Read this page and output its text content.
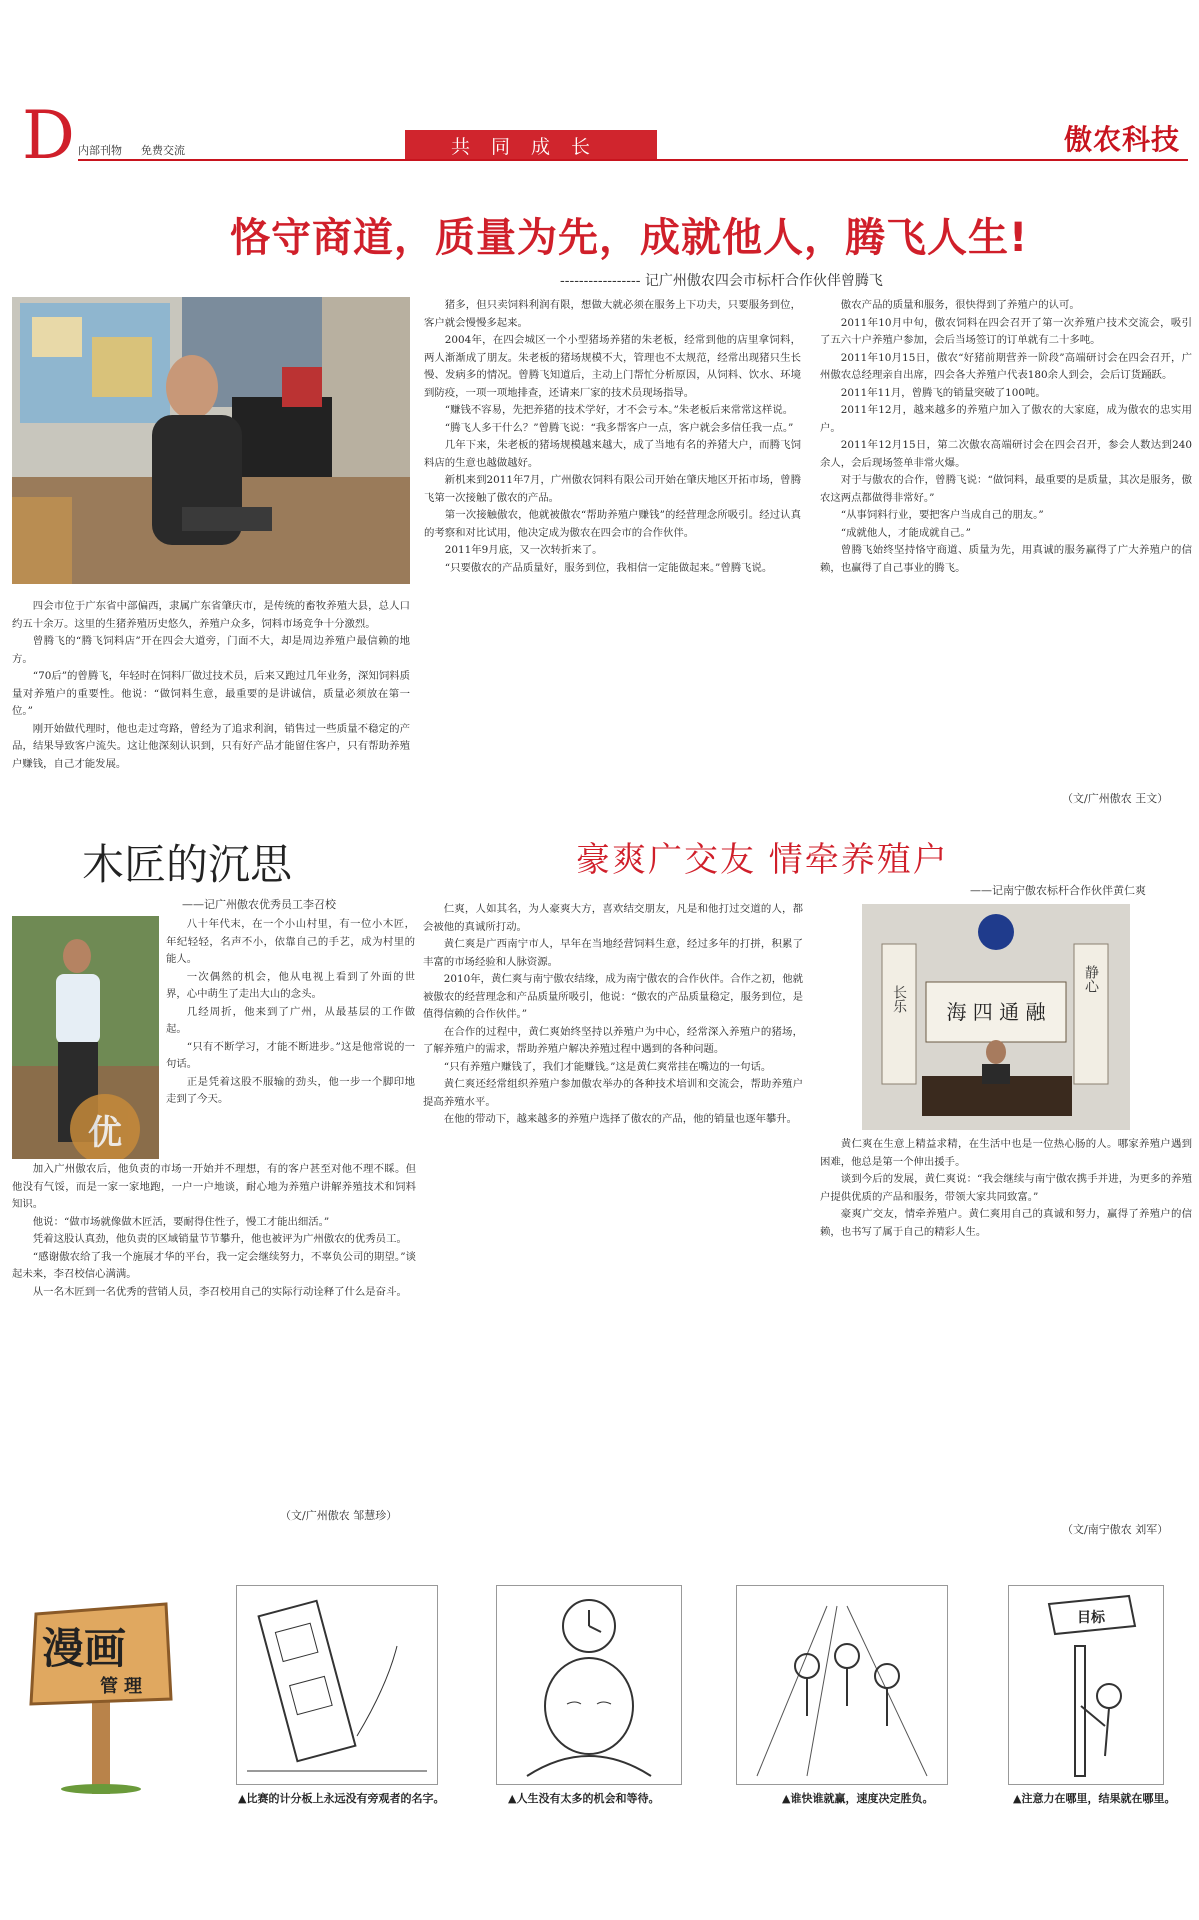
D 内部刊物 免费交流	共同成长	傲农科技
恪守商道，质量为先，成就他人，腾飞人生!
----------------- 记广州傲农四会市标杆合作伙伴曾腾飞

四会市位于广东省中部偏西，隶属广东省肇庆市，是传统的畜牧养殖大县，总人口约五十余万。这里的生猪养殖历史悠久，养殖户众多，饲料市场竞争十分激烈。

曾腾飞的“腾飞饲料店”开在四会大道旁，门面不大，却是周边养殖户最信赖的地方。

“70后”的曾腾飞，年轻时在饲料厂做过技术员，后来又跑过几年业务，深知饲料质量对养殖户的重要性。他说：“做饲料生意，最重要的是讲诚信，质量必须放在第一位。”

刚开始做代理时，他也走过弯路，曾经为了追求利润，销售过一些质量不稳定的产品，结果导致客户流失。这让他深刻认识到，只有好产品才能留住客户，只有帮助养殖户赚钱，自己才能发展。

猪多，但只卖饲料利润有限，想做大就必须在服务上下功夫，只要服务到位，客户就会慢慢多起来。

2004年，在四会城区一个小型猪场养猪的朱老板，经常到他的店里拿饲料，两人渐渐成了朋友。朱老板的猪场规模不大，管理也不太规范，经常出现猪只生长慢、发病多的情况。曾腾飞知道后，主动上门帮忙分析原因，从饲料、饮水、环境到防疫，一项一项地排查，还请来厂家的技术员现场指导。

“赚钱不容易，先把养猪的技术学好，才不会亏本。”朱老板后来常常这样说。

“腾飞人多干什么？”曾腾飞说：“我多帮客户一点，客户就会多信任我一点。”

几年下来，朱老板的猪场规模越来越大，成了当地有名的养猪大户，而腾飞饲料店的生意也越做越好。

新机来到2011年7月，广州傲农饲料有限公司开始在肇庆地区开拓市场，曾腾飞第一次接触了傲农的产品。

第一次接触傲农，他就被傲农“帮助养殖户赚钱”的经营理念所吸引。经过认真的考察和对比试用，他决定成为傲农在四会市的合作伙伴。

2011年9月底，又一次转折来了。

“只要傲农的产品质量好，服务到位，我相信一定能做起来。”曾腾飞说。

傲农产品的质量和服务，很快得到了养殖户的认可。

2011年10月中旬，傲农饲料在四会召开了第一次养殖户技术交流会，吸引了五六十户养殖户参加，会后当场签订的订单就有二十多吨。

2011年10月15日，傲农“好猪前期营养一阶段”高端研讨会在四会召开，广州傲农总经理亲自出席，四会各大养殖户代表180余人到会，会后订货踊跃。

2011年11月，曾腾飞的销量突破了100吨。

2011年12月，越来越多的养殖户加入了傲农的大家庭，成为傲农的忠实用户。

2011年12月15日，第二次傲农高端研讨会在四会召开，参会人数达到240余人，会后现场签单非常火爆。

对于与傲农的合作，曾腾飞说：“做饲料，最重要的是质量，其次是服务，傲农这两点都做得非常好。”

“从事饲料行业，要把客户当成自己的朋友。”

“成就他人，才能成就自己。”

曾腾飞始终坚持恪守商道、质量为先，用真诚的服务赢得了广大养殖户的信赖，也赢得了自己事业的腾飞。

（文/广州傲农 王文）
木匠的沉思
——记广州傲农优秀员工李召校
优

八十年代末，在一个小山村里，有一位小木匠，年纪轻轻，名声不小，依靠自己的手艺，成为村里的能人。

一次偶然的机会，他从电视上看到了外面的世界，心中萌生了走出大山的念头。

几经周折，他来到了广州，从最基层的工作做起。

“只有不断学习，才能不断进步。”这是他常说的一句话。

正是凭着这股不服输的劲头，他一步一个脚印地走到了今天。

加入广州傲农后，他负责的市场一开始并不理想，有的客户甚至对他不理不睬。但他没有气馁，而是一家一家地跑，一户一户地谈，耐心地为养殖户讲解养殖技术和饲料知识。

他说：“做市场就像做木匠活，要耐得住性子，慢工才能出细活。”

凭着这股认真劲，他负责的区域销量节节攀升，他也被评为广州傲农的优秀员工。

“感谢傲农给了我一个施展才华的平台，我一定会继续努力，不辜负公司的期望。”谈起未来，李召校信心满满。

从一名木匠到一名优秀的营销人员，李召校用自己的实际行动诠释了什么是奋斗。

（文/广州傲农 邹慧珍）
豪爽广交友 情牵养殖户
——记南宁傲农标杆合作伙伴黄仁爽

仁爽，人如其名，为人豪爽大方，喜欢结交朋友，凡是和他打过交道的人，都会被他的真诚所打动。

黄仁爽是广西南宁市人，早年在当地经营饲料生意，经过多年的打拼，积累了丰富的市场经验和人脉资源。

2010年，黄仁爽与南宁傲农结缘，成为南宁傲农的合作伙伴。合作之初，他就被傲农的经营理念和产品质量所吸引，他说：“傲农的产品质量稳定，服务到位，是值得信赖的合作伙伴。”

在合作的过程中，黄仁爽始终坚持以养殖户为中心，经常深入养殖户的猪场，了解养殖户的需求，帮助养殖户解决养殖过程中遇到的各种问题。

“只有养殖户赚钱了，我们才能赚钱。”这是黄仁爽常挂在嘴边的一句话。

黄仁爽还经常组织养殖户参加傲农举办的各种技术培训和交流会，帮助养殖户提高养殖水平。

在他的带动下，越来越多的养殖户选择了傲农的产品，他的销量也逐年攀升。

海 四 通 融
长乐
静心

黄仁爽在生意上精益求精，在生活中也是一位热心肠的人。哪家养殖户遇到困难，他总是第一个伸出援手。

谈到今后的发展，黄仁爽说：“我会继续与南宁傲农携手并进，为更多的养殖户提供优质的产品和服务，带领大家共同致富。”

豪爽广交友，情牵养殖户。黄仁爽用自己的真诚和努力，赢得了养殖户的信赖，也书写了属于自己的精彩人生。

（文/南宁傲农 刘军）
漫画
管理
▲比赛的计分板上永远没有旁观者的名字。	▲人生没有太多的机会和等待。	▲谁快谁就赢，速度决定胜负。
目标
▲注意力在哪里，结果就在哪里。
